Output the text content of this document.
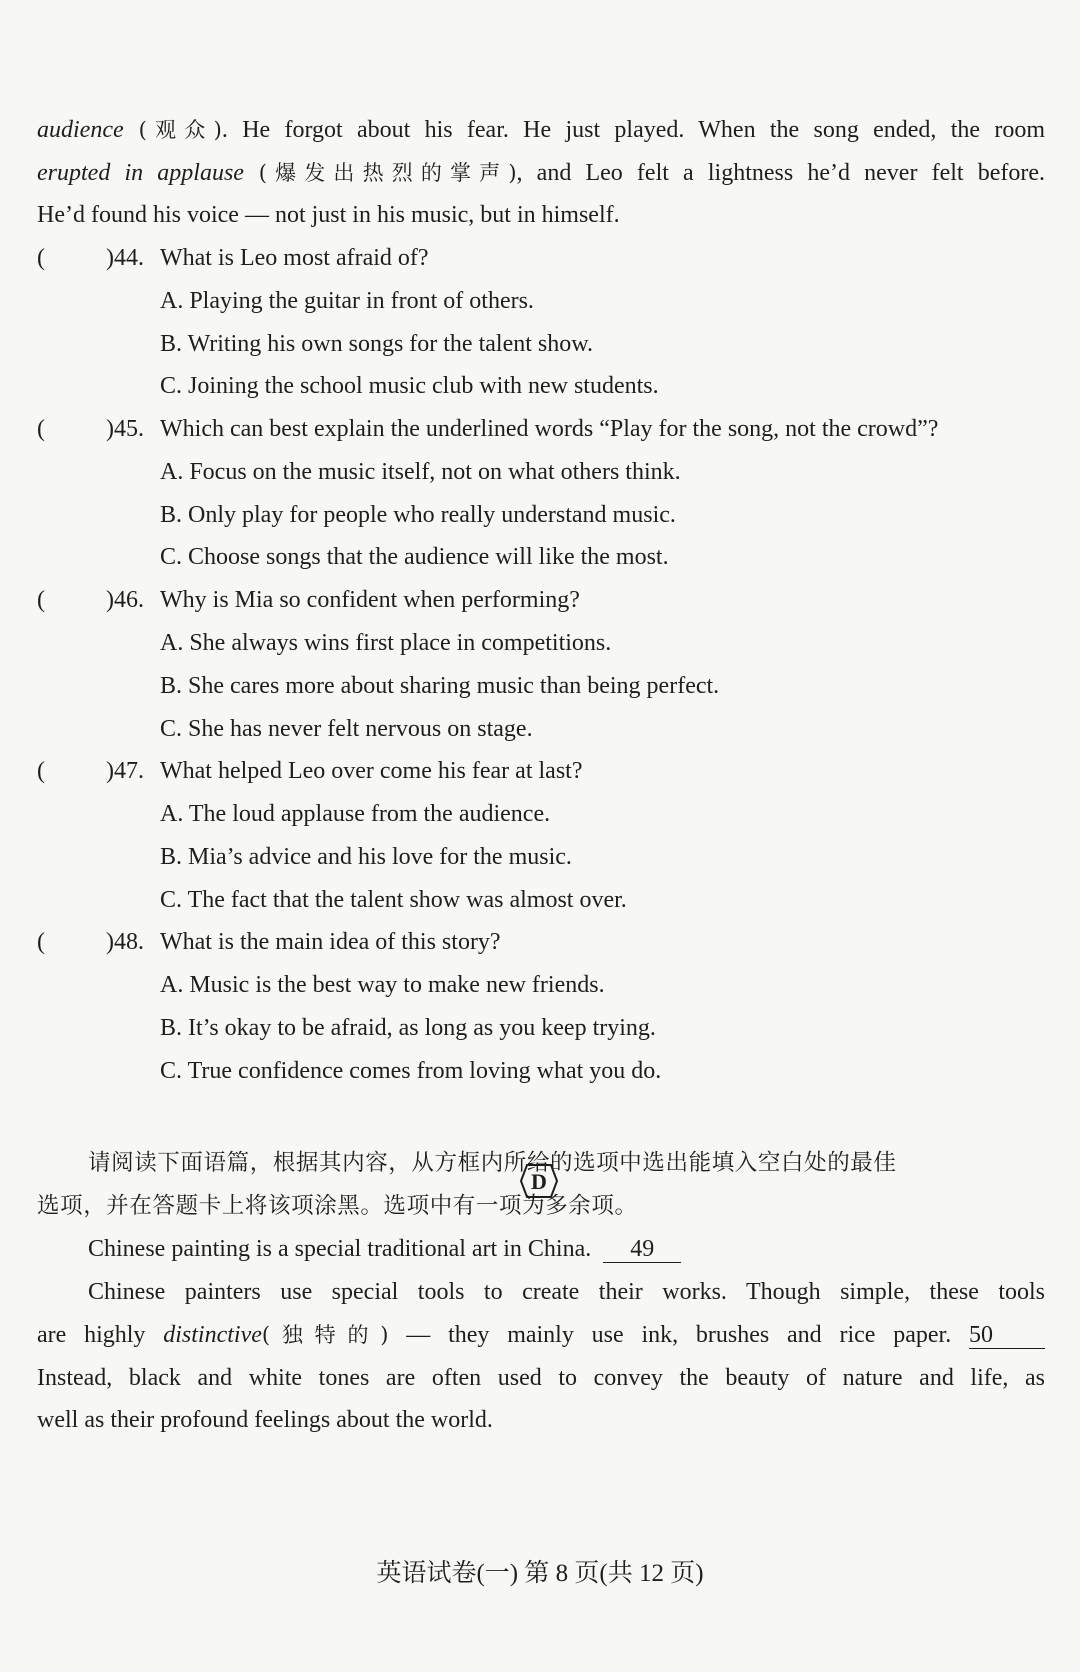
audience (观众). He forgot about his fear. He just played. When the song ended, the room
erupted in applause (爆发出热烈的掌声), and Leo felt a lightness he’d never felt before.
He’d found his voice — not just in his music, but in himself.
(	)44. What is Leo most afraid of?
A. Playing the guitar in front of others.
B. Writing his own songs for the talent show.
C. Joining the school music club with new students.
(	)45. Which can best explain the underlined words “Play for the song, not the crowd”?
A. Focus on the music itself, not on what others think.
B. Only play for people who really understand music.
C. Choose songs that the audience will like the most.
(	)46. Why is Mia so confident when performing?
A. She always wins first place in competitions.
B. She cares more about sharing music than being perfect.
C. She has never felt nervous on stage.
(	)47. What helped Leo over come his fear at last?
A. The loud applause from the audience.
B. Mia’s advice and his love for the music.
C. The fact that the talent show was almost over.
(	)48. What is the main idea of this story?
A. Music is the best way to make new friends.
B. It’s okay to be afraid, as long as you keep trying.
C. True confidence comes from loving what you do.
D
请阅读下面语篇，根据其内容，从方框内所给的选项中选出能填入空白处的最佳
选项，并在答题卡上将该项涂黑。选项中有一项为多余项。
Chinese painting is a special traditional art in China. 49
Chinese painters use special tools to create their works. Though simple, these tools
are highly distinctive(独特的) — they mainly use ink, brushes and rice paper. 50
Instead, black and white tones are often used to convey the beauty of nature and life, as
well as their profound feelings about the world.
英语试卷(一) 第 8 页(共 12 页)
